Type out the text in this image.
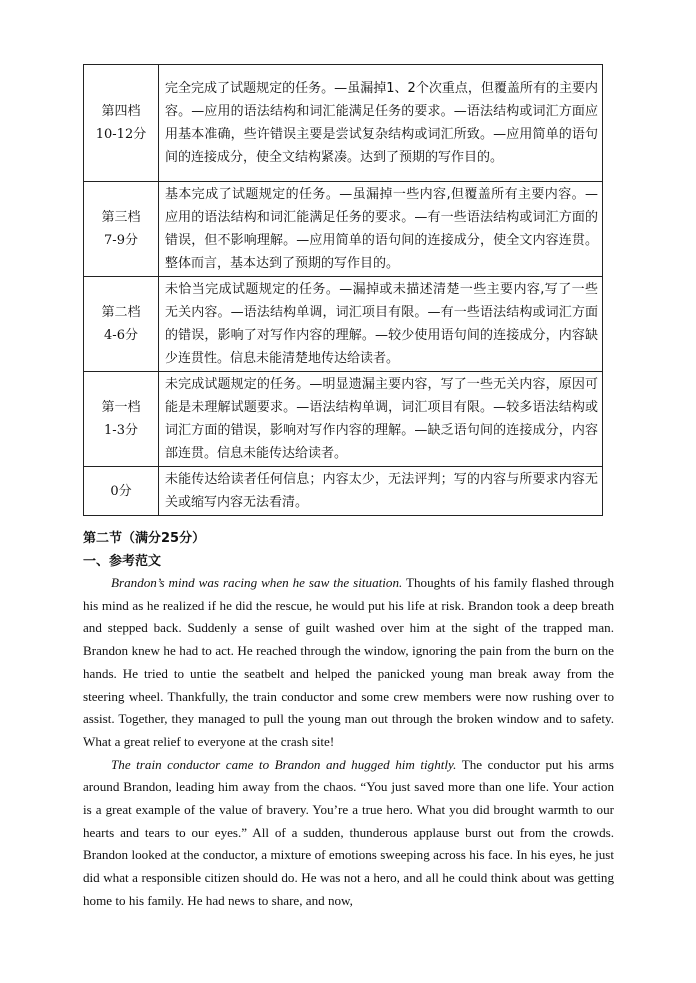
第四档
10-12分	完全完成了试题规定的任务。—虽漏掉1、2个次重点，但覆盖所有的主要内容。—应用的语法结构和词汇能满足任务的要求。—语法结构或词汇方面应用基本准确，些许错误主要是尝试复杂结构或词汇所致。—应用简单的语句间的连接成分，使全文结构紧凑。达到了预期的写作目的。

第三档
7-9分	基本完成了试题规定的任务。—虽漏掉一些内容,但覆盖所有主要内容。—应用的语法结构和词汇能满足任务的要求。—有一些语法结构或词汇方面的错误，但不影响理解。—应用简单的语句间的连接成分，使全文内容连贯。整体而言，基本达到了预期的写作目的。

第二档
4-6分	未恰当完成试题规定的任务。—漏掉或未描述清楚一些主要内容,写了一些无关内容。—语法结构单调，词汇项目有限。—有一些语法结构或词汇方面的错误，影响了对写作内容的理解。—较少使用语句间的连接成分，内容缺少连贯性。信息未能清楚地传达给读者。

第一档
1-3分	未完成试题规定的任务。—明显遗漏主要内容，写了一些无关内容，原因可能是未理解试题要求。—语法结构单调，词汇项目有限。—较多语法结构或词汇方面的错误，影响对写作内容的理解。—缺乏语句间的连接成分，内容部连贯。信息未能传达给读者。

0分	未能传达给读者任何信息；内容太少，无法评判；写的内容与所要求内容无关或缩写内容无法看清。
第二节（满分25分）
一、参考范文

Brandon’s mind was racing when he saw the situation. Thoughts of his family flashed through his mind as he realized if he did the rescue, he would put his life at risk. Brandon took a deep breath and stepped back. Suddenly a sense of guilt washed over him at the sight of the trapped man. Brandon knew he had to act. He reached through the window, ignoring the pain from the burn on the hands. He tried to untie the seatbelt and helped the panicked young man break away from the steering wheel. Thankfully, the train conductor and some crew members were now rushing over to assist. Together, they managed to pull the young man out through the broken window and to safety. What a great relief to everyone at the crash site!

The train conductor came to Brandon and hugged him tightly. The conductor put his arms around Brandon, leading him away from the chaos. “You just saved more than one life. Your action is a great example of the value of bravery. You’re a true hero. What you did brought warmth to our hearts and tears to our eyes.” All of a sudden, thunderous applause burst out from the crowds. Brandon looked at the conductor, a mixture of emotions sweeping across his face. In his eyes, he just did what a responsible citizen should do. He was not a hero, and all he could think about was getting home to his family. He had news to share, and now,
